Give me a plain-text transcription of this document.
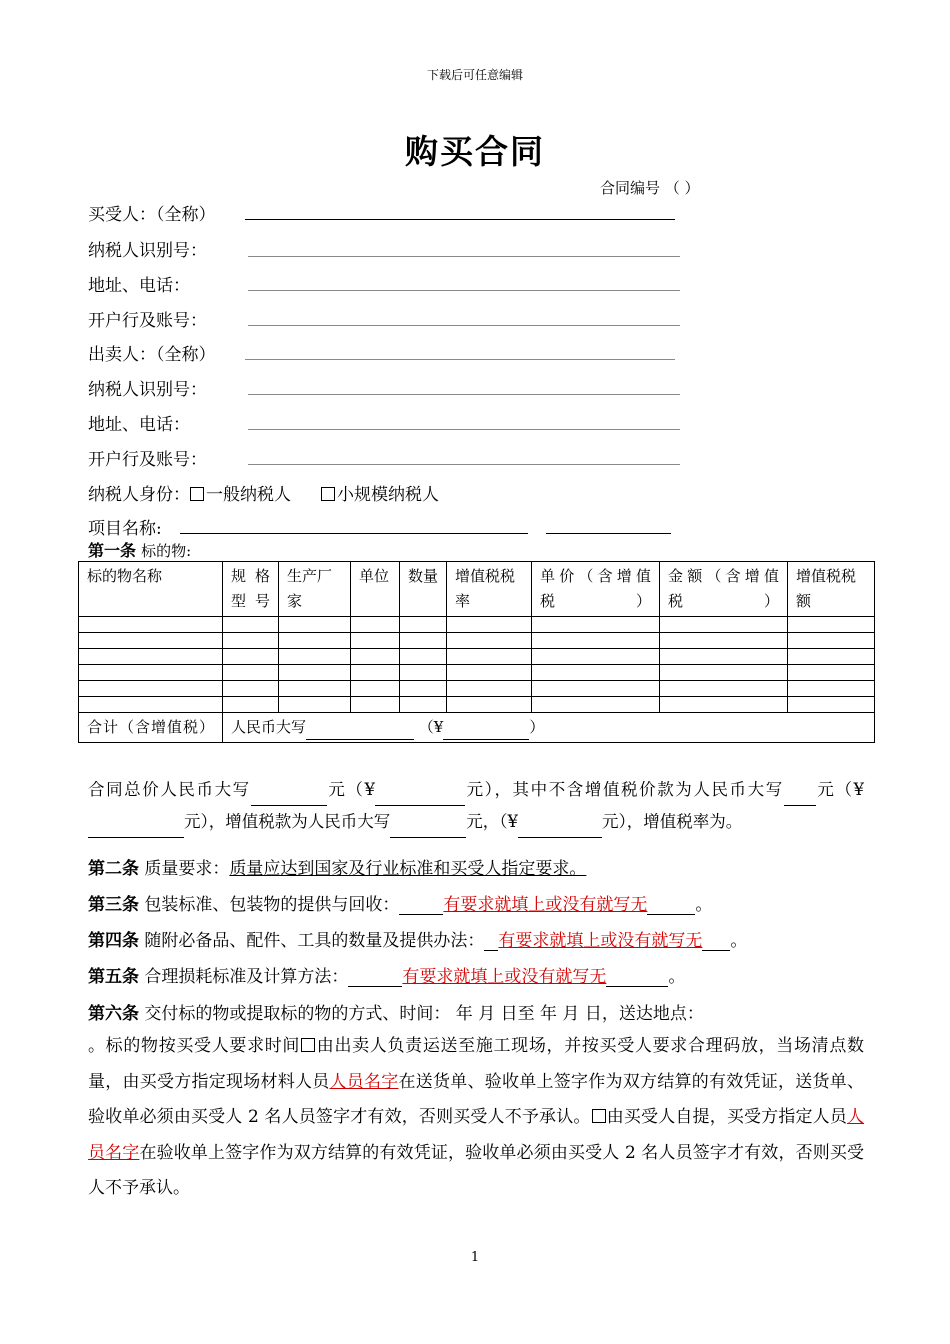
下载后可任意编辑
购买合同
合同编号 （ ）
买受人：（全称）
纳税人识别号：
地址、电话：
开户行及账号：
出卖人：（全称）
纳税人识别号：
地址、电话：
开户行及账号：
纳税人身份： 一般纳税人	小规模纳税人
项目名称:
第一条 标的物:
标的物名称	规格型号	生产厂家	单位	数量	增值税税率	单价（含增值税）	金额（含增值税）	增值税税额

合计（含增值税）	人民币大写 （¥ ）							
合同总价人民币大写	元（¥	元），其中不含增值税价款为人民币大写 元（¥元），增值税款为人民币大写	元，（¥	元），增值税率为。
第二条 质量要求：质量应达到国家及行业标准和买受人指定要求。
第三条 包装标准、包装物的提供与回收：	有要求就填上或没有就写无	。
第四条 随附必备品、配件、工具的数量及提供办法： 有要求就填上或没有就写无 。
第五条 合理损耗标准及计算方法：	有要求就填上或没有就写无	。
第六条 交付标的物或提取标的物的方式、时间： 年 月 日至 年 月 日，送达地点：
。标的物按买受人要求时间 由出卖人负责运送至施工现场，并按买受人要求合理码放，当场清点数量，由买受方指定现场材料人员人员名字在送货单、验收单上签字作为双方结算的有效凭证，送货单、验收单必须由买受人 2 名人员签字才有效，否则买受人不予承认。 由买受人自提，买受方指定人员人员名字在验收单上签字作为双方结算的有效凭证，验收单必须由买受人 2 名人员签字才有效，否则买受人不予承认。
1
